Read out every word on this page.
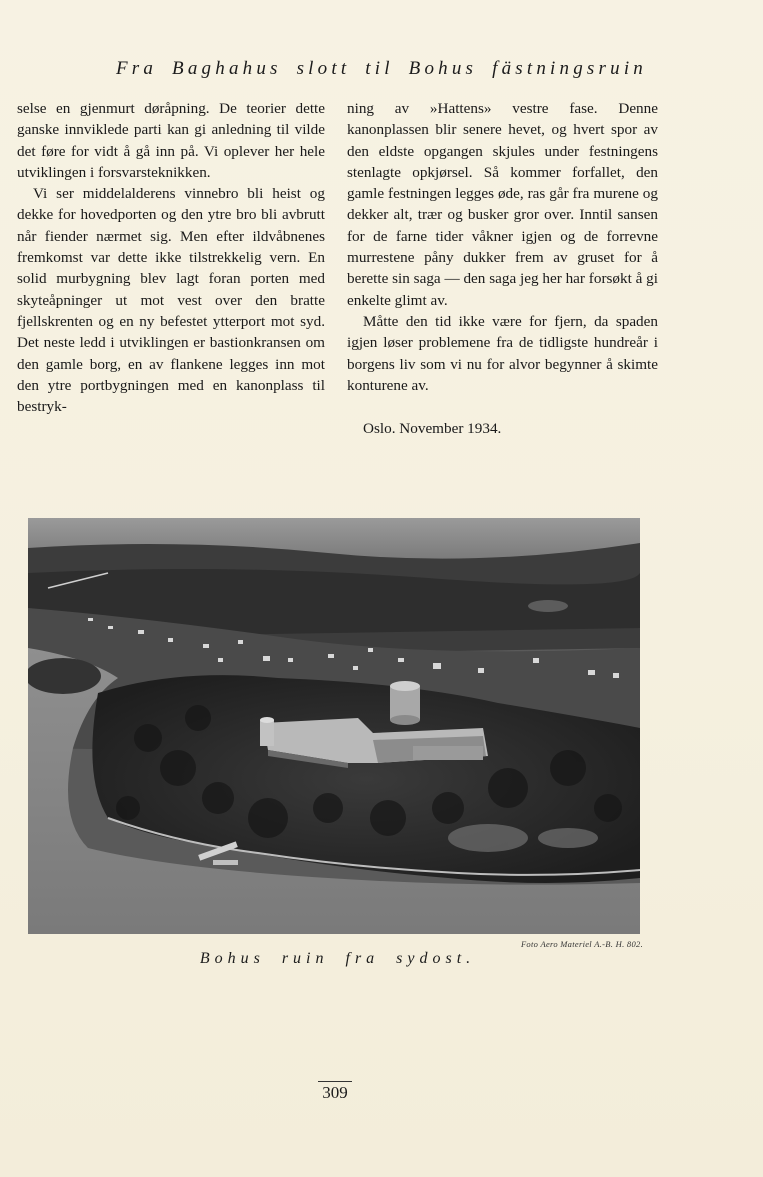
Fra Baghahus slott til Bohus fästningsruin

selse en gjenmurt døråpning. De teorier dette ganske innviklede parti kan gi anledning til vilde det føre for vidt å gå inn på. Vi oplever her hele utviklingen i forsvarsteknikken.

Vi ser middelalderens vinnebro bli heist og dekke for hovedporten og den ytre bro bli avbrutt når fiender nærmet sig. Men efter ildvåbnenes fremkomst var dette ikke tilstrekkelig vern. En solid murbygning blev lagt foran porten med skyteåpninger ut mot vest over den bratte fjellskrenten og en ny befestet ytterport mot syd. Det neste ledd i utviklingen er bastionkransen om den gamle borg, en av flankene legges inn mot den ytre portbygningen med en kanonplass til bestryk-

ning av »Hattens» vestre fase. Denne kanonplassen blir senere hevet, og hvert spor av den eldste opgangen skjules under festningens stenlagte opkjørsel. Så kommer forfallet, den gamle festningen legges øde, ras går fra murene og dekker alt, trær og busker gror over. Inntil sansen for de farne tider våkner igjen og de forrevne murrestene påny dukker frem av gruset for å berette sin saga — den saga jeg her har forsøkt å gi enkelte glimt av.

Måtte den tid ikke være for fjern, da spaden igjen løser problemene fra de tidligste hundreår i borgens liv som vi nu for alvor begynner å skimte konturene av.

Oslo. November 1934.

Foto Aero Materiel A.-B. H. 802.
Bohus ruin fra sydost.
309
